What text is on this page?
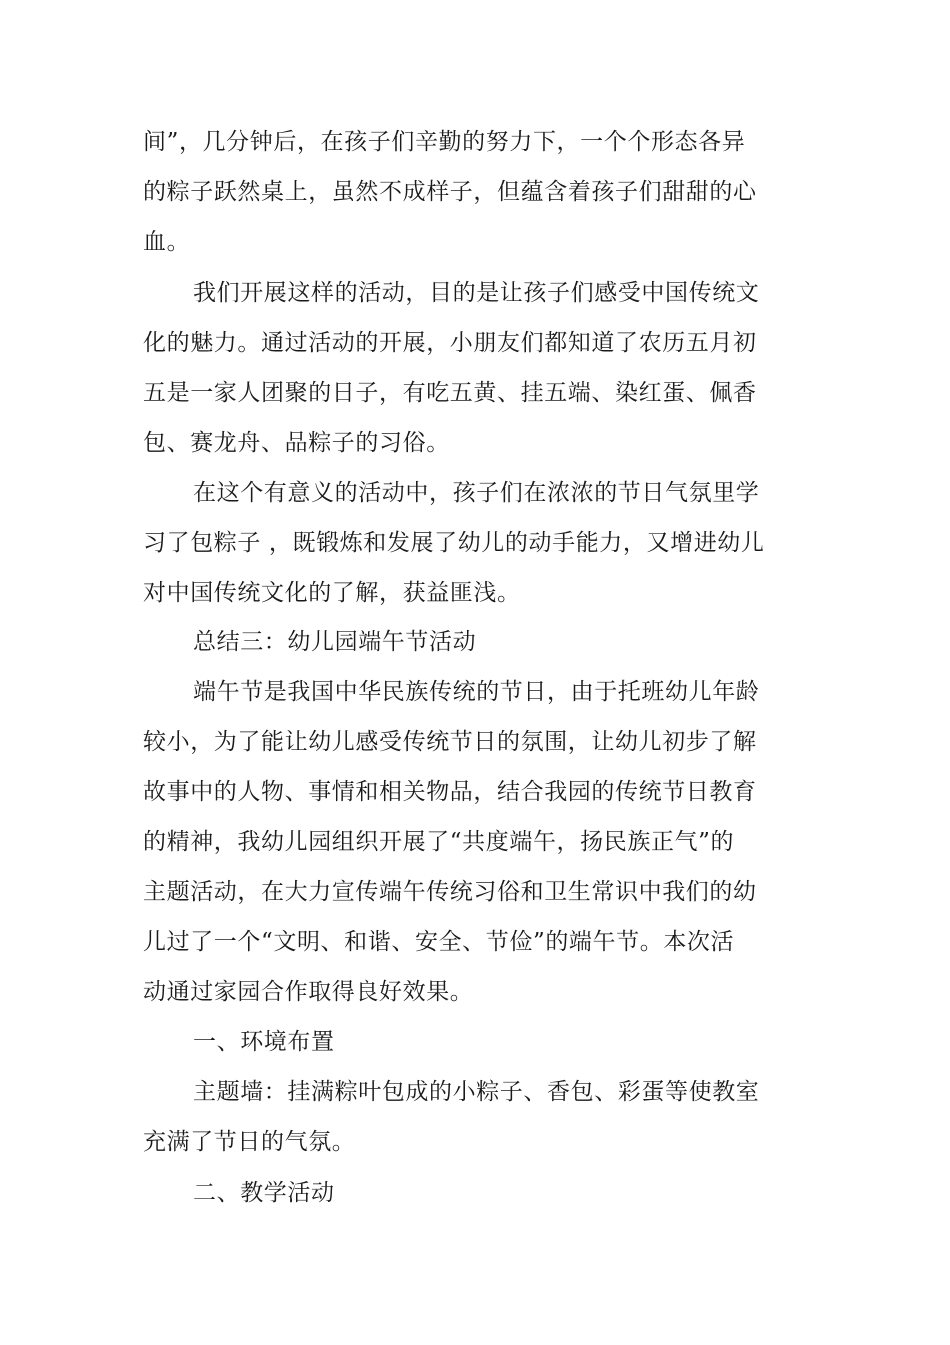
间”，几分钟后，在孩子们辛勤的努力下，一个个形态各异
的粽子跃然桌上，虽然不成样子，但蕴含着孩子们甜甜的心
血。
我们开展这样的活动，目的是让孩子们感受中国传统文
化的魅力。通过活动的开展，小朋友们都知道了农历五月初
五是一家人团聚的日子，有吃五黄、挂五端、染红蛋、佩香
包、赛龙舟、品粽子的习俗。
在这个有意义的活动中，孩子们在浓浓的节日气氛里学
习了包粽子 ，既锻炼和发展了幼儿的动手能力，又增进幼儿
对中国传统文化的了解，获益匪浅。
总结三：幼儿园端午节活动
端午节是我国中华民族传统的节日，由于托班幼儿年龄
较小，为了能让幼儿感受传统节日的氛围，让幼儿初步了解
故事中的人物、事情和相关物品，结合我园的传统节日教育
的精神，我幼儿园组织开展了“共度端午，扬民族正气”的
主题活动，在大力宣传端午传统习俗和卫生常识中我们的幼
儿过了一个“文明、和谐、安全、节俭”的端午节。本次活
动通过家园合作取得良好效果。
一、环境布置
主题墙：挂满粽叶包成的小粽子、香包、彩蛋等使教室
充满了节日的气氛。
二、教学活动
